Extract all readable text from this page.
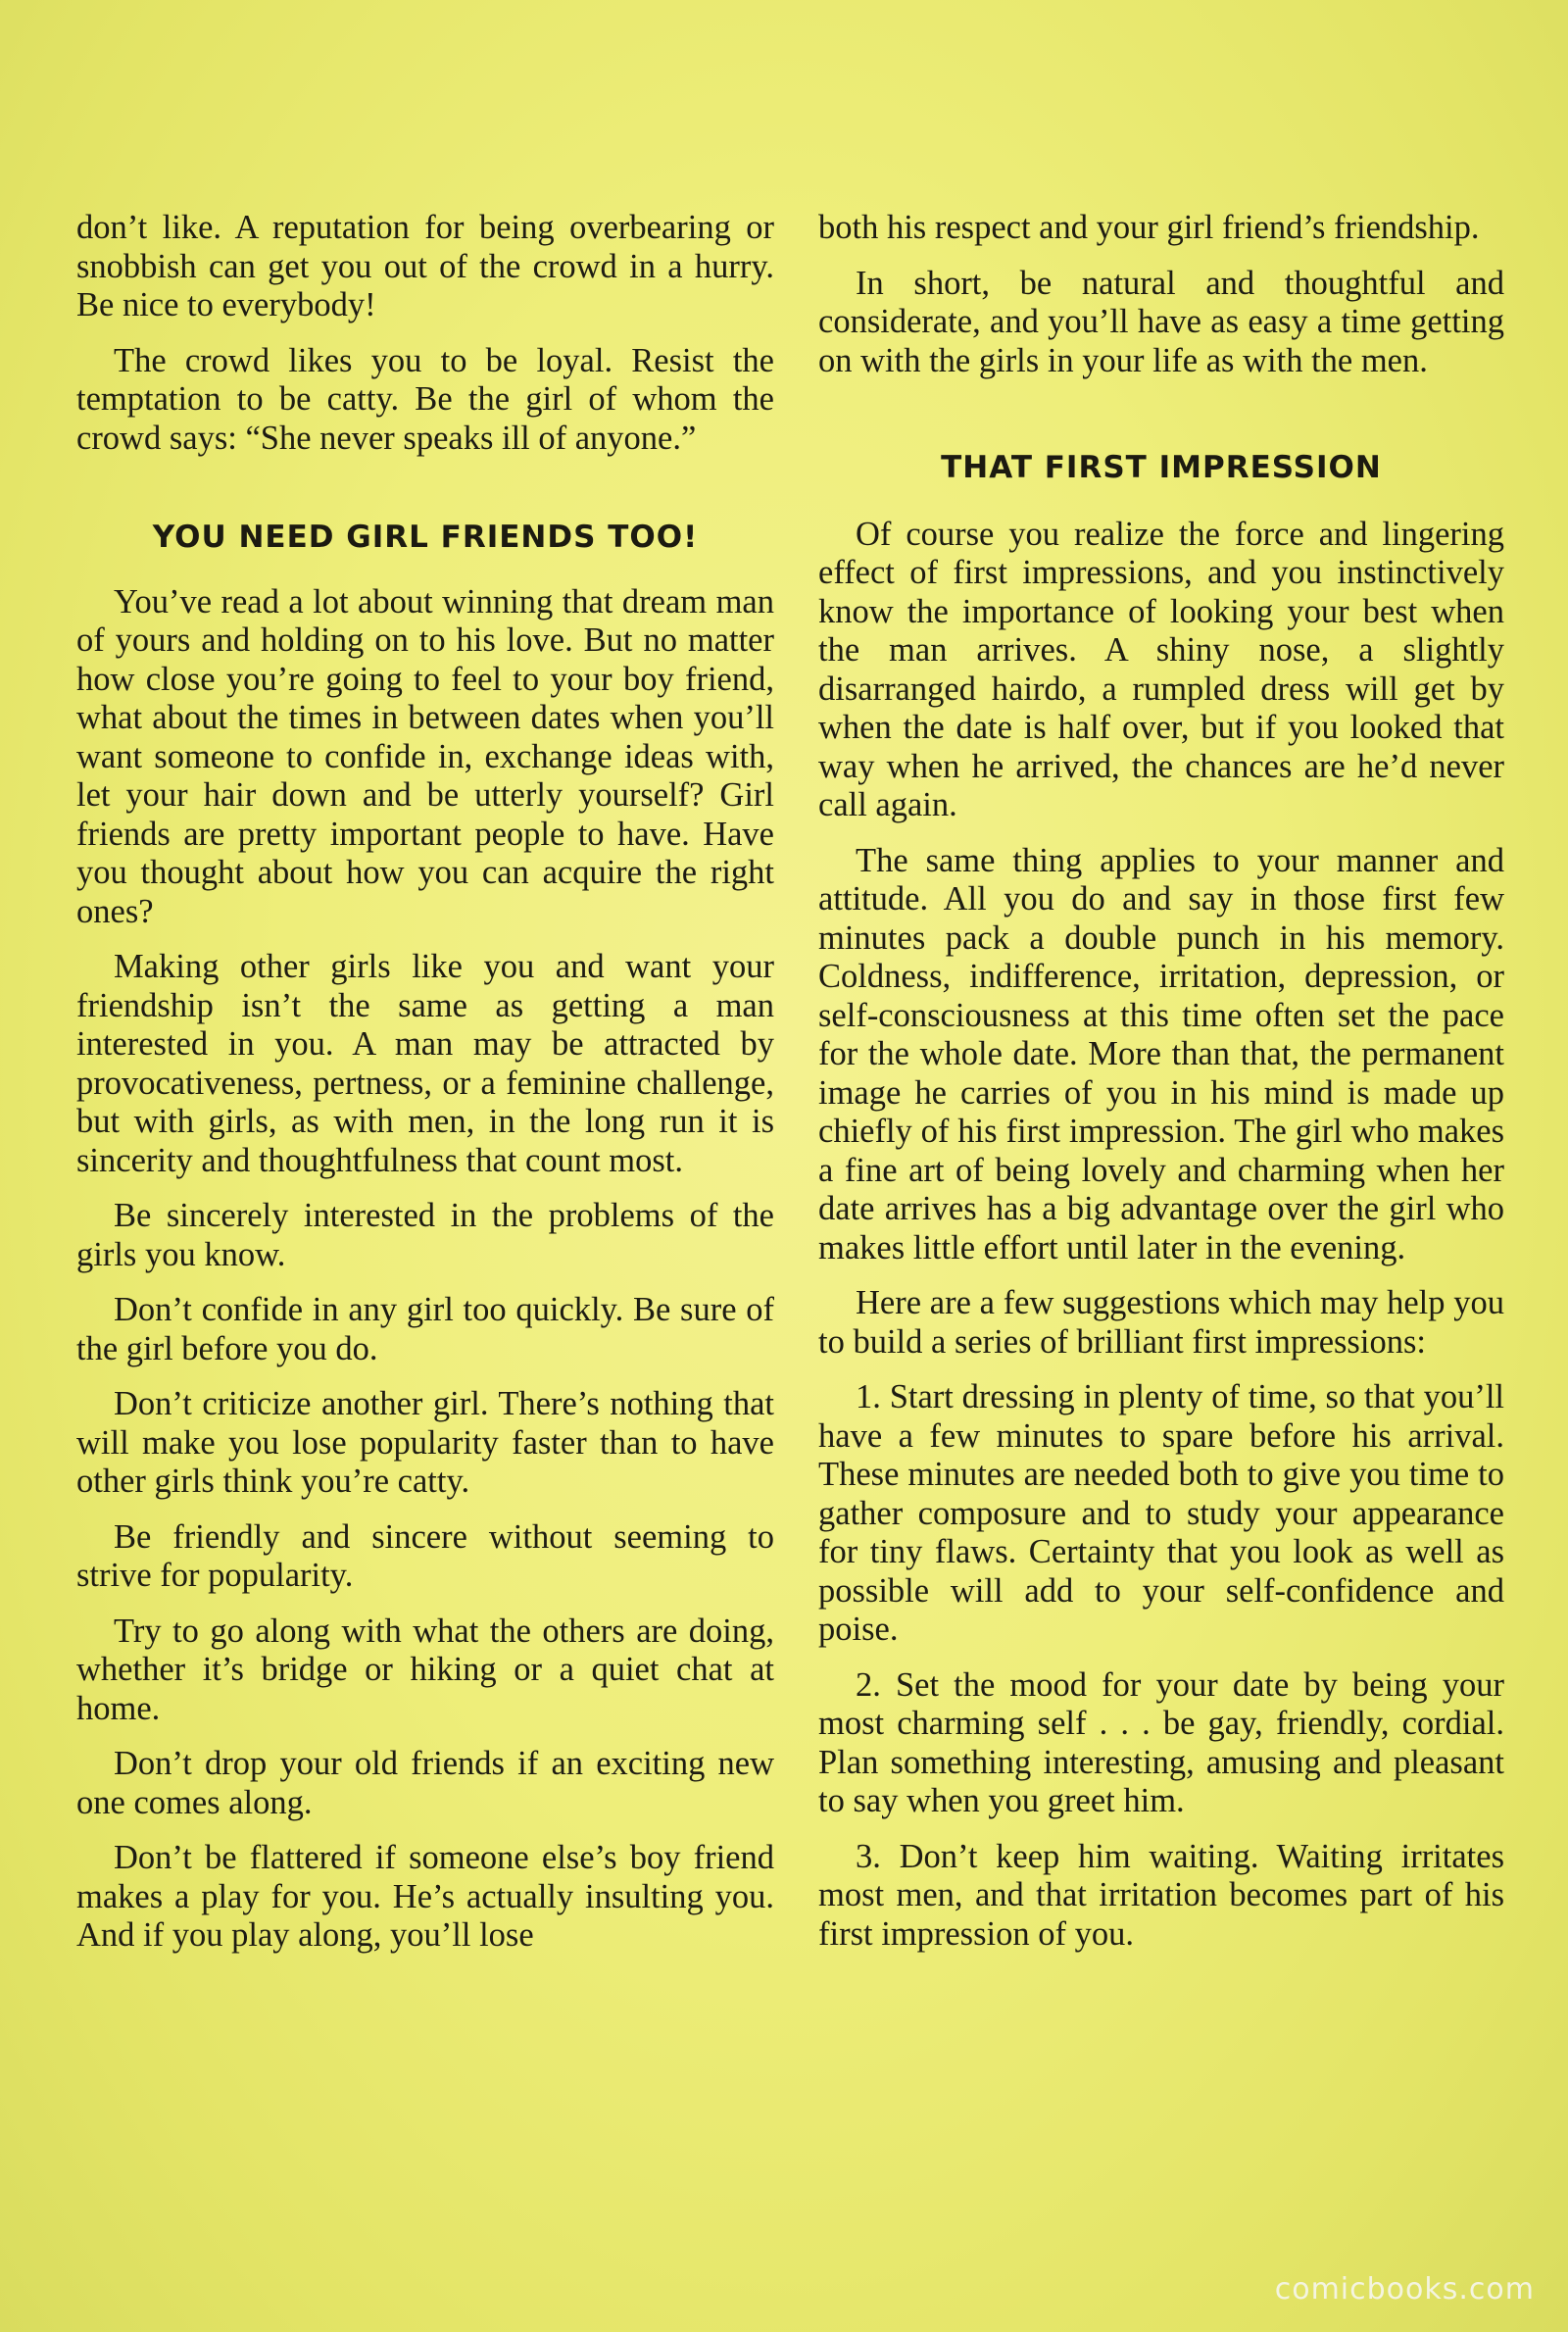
don’t like. A reputation for being overbearing or snobbish can get you out of the crowd in a hurry. Be nice to everybody!

The crowd likes you to be loyal. Resist the temptation to be catty. Be the girl of whom the crowd says: “She never speaks ill of anyone.”

YOU NEED GIRL FRIENDS TOO!

You’ve read a lot about winning that dream man of yours and holding on to his love. But no matter how close you’re going to feel to your boy friend, what about the times in between dates when you’ll want someone to confide in, exchange ideas with, let your hair down and be utterly yourself? Girl friends are pretty important people to have. Have you thought about how you can acquire the right ones?

Making other girls like you and want your friendship isn’t the same as getting a man interested in you. A man may be attracted by provocativeness, pertness, or a feminine challenge, but with girls, as with men, in the long run it is sincerity and thoughtfulness that count most.

Be sincerely interested in the problems of the girls you know.

Don’t confide in any girl too quickly. Be sure of the girl before you do.

Don’t criticize another girl. There’s nothing that will make you lose popularity faster than to have other girls think you’re catty.

Be friendly and sincere without seeming to strive for popularity.

Try to go along with what the others are doing, whether it’s bridge or hiking or a quiet chat at home.

Don’t drop your old friends if an exciting new one comes along.

Don’t be flattered if someone else’s boy friend makes a play for you. He’s actually insulting you. And if you play along, you’ll lose

both his respect and your girl friend’s friendship.

In short, be natural and thoughtful and considerate, and you’ll have as easy a time getting on with the girls in your life as with the men.

THAT FIRST IMPRESSION

Of course you realize the force and lingering effect of first impressions, and you instinctively know the importance of looking your best when the man arrives. A shiny nose, a slightly disarranged hairdo, a rumpled dress will get by when the date is half over, but if you looked that way when he arrived, the chances are he’d never call again.

The same thing applies to your manner and attitude. All you do and say in those first few minutes pack a double punch in his memory. Coldness, indifference, irritation, depression, or self-consciousness at this time often set the pace for the whole date. More than that, the permanent image he carries of you in his mind is made up chiefly of his first impression. The girl who makes a fine art of being lovely and charming when her date arrives has a big advantage over the girl who makes little effort until later in the evening.

Here are a few suggestions which may help you to build a series of brilliant first impressions:

1. Start dressing in plenty of time, so that you’ll have a few minutes to spare before his arrival. These minutes are needed both to give you time to gather composure and to study your appearance for tiny flaws. Certainty that you look as well as possible will add to your self-confidence and poise.

2. Set the mood for your date by being your most charming self . . . be gay, friendly, cordial. Plan something interesting, amusing and pleasant to say when you greet him.

3. Don’t keep him waiting. Waiting irritates most men, and that irritation becomes part of his first impression of you.

comicbooks.com
